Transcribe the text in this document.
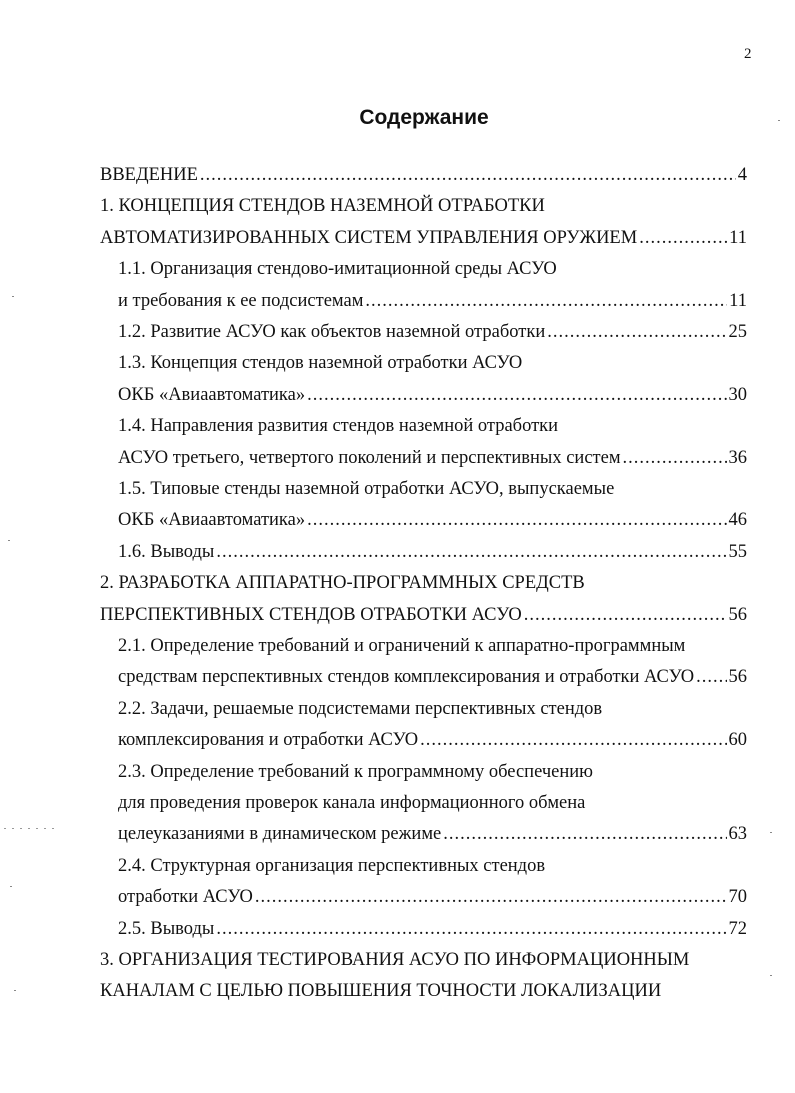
2
Содержание
ВВЕДЕНИЕ .....	4
1. КОНЦЕПЦИЯ СТЕНДОВ НАЗЕМНОЙ ОТРАБОТКИ
АВТОМАТИЗИРОВАННЫХ СИСТЕМ УПРАВЛЕНИЯ ОРУЖИЕМ .....	11
1.1. Организация стендово-имитационной среды АСУО
и требования к ее подсистемам .....	11
1.2. Развитие АСУО как объектов наземной отработки .....	25
1.3. Концепция стендов наземной отработки АСУО
ОКБ «Авиаавтоматика» .....	30
1.4. Направления развития стендов наземной отработки
АСУО третьего, четвертого поколений и перспективных систем .....	36
1.5. Типовые стенды наземной отработки АСУО, выпускаемые
ОКБ «Авиаавтоматика» .....	46
1.6. Выводы .....	55
2. РАЗРАБОТКА АППАРАТНО-ПРОГРАММНЫХ СРЕДСТВ
ПЕРСПЕКТИВНЫХ СТЕНДОВ ОТРАБОТКИ АСУО .....	56
2.1. Определение требований и ограничений к аппаратно-программным
средствам перспективных стендов комплексирования и отработки АСУО ..... 56
2.2. Задачи, решаемые подсистемами перспективных стендов
комплексирования и отработки АСУО .....	60
2.3. Определение требований к программному обеспечению
для проведения проверок канала информационного обмена
целеуказаниями в динамическом режиме .....	63
2.4. Структурная организация перспективных стендов
отработки АСУО .....	70
2.5. Выводы .....	72
3. ОРГАНИЗАЦИЯ ТЕСТИРОВАНИЯ АСУО ПО ИНФОРМАЦИОННЫМ
КАНАЛАМ С ЦЕЛЬЮ ПОВЫШЕНИЯ ТОЧНОСТИ ЛОКАЛИЗАЦИИ
